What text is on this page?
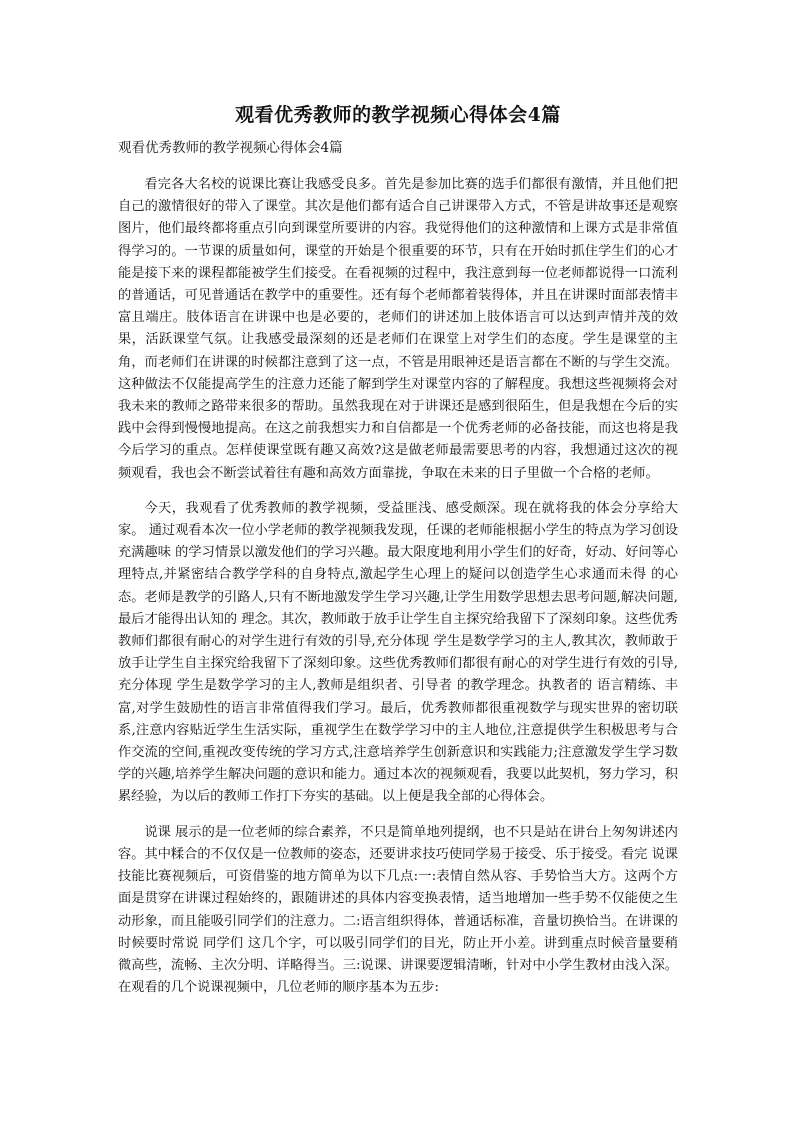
观看优秀教师的教学视频心得体会4篇

观看优秀教师的教学视频心得体会4篇

看完各大名校的说课比赛让我感受良多。首先是参加比赛的选手们都很有激情，并且他们把自己的激情很好的带入了课堂。其次是他们都有适合自己讲课带入方式，不管是讲故事还是观察图片，他们最终都将重点引向到课堂所要讲的内容。我觉得他们的这种激情和上课方式是非常值得学习的。一节课的质量如何，课堂的开始是个很重要的环节，只有在开始时抓住学生们的心才能是接下来的课程都能被学生们接受。在看视频的过程中，我注意到每一位老师都说得一口流利的普通话，可见普通话在教学中的重要性。还有每个老师都着装得体，并且在讲课时面部表情丰富且端庄。肢体语言在讲课中也是必要的，老师们的讲述加上肢体语言可以达到声情并茂的效果，活跃课堂气氛。让我感受最深刻的还是老师们在课堂上对学生们的态度。学生是课堂的主角，而老师们在讲课的时候都注意到了这一点，不管是用眼神还是语言都在不断的与学生交流。这种做法不仅能提高学生的注意力还能了解到学生对课堂内容的了解程度。我想这些视频将会对我未来的教师之路带来很多的帮助。虽然我现在对于讲课还是感到很陌生，但是我想在今后的实践中会得到慢慢地提高。在这之前我想实力和自信都是一个优秀老师的必备技能，而这也将是我今后学习的重点。怎样使课堂既有趣又高效?这是做老师最需要思考的内容，我想通过这次的视频观看，我也会不断尝试着往有趣和高效方面靠拢，争取在未来的日子里做一个合格的老师。

今天，我观看了优秀教师的教学视频，受益匪浅、感受颇深。现在就将我的体会分享给大家。 通过观看本次一位小学老师的教学视频我发现，任课的老师能根据小学生的特点为学习创设充满趣味 的学习情景以激发他们的学习兴趣。最大限度地利用小学生们的好奇，好动、好问等心理特点,并紧密结合教学学科的自身特点,激起学生心理上的疑问以创造学生心求通而未得 的心态。老师是教学的引路人,只有不断地激发学生学习兴趣,让学生用数学思想去思考问题,解决问题,最后才能得出认知的 理念。其次，教师敢于放手让学生自主探究给我留下了深刻印象。这些优秀教师们都很有耐心的对学生进行有效的引导,充分体现 学生是数学学习的主人,教其次，教师敢于放手让学生自主探究给我留下了深刻印象。这些优秀教师们都很有耐心的对学生进行有效的引导,充分体现 学生是数学学习的主人,教师是组织者、引导者 的教学理念。执教者的 语言精练、丰富,对学生鼓励性的语言非常值得我们学习。最后，优秀教师都很重视数学与现实世界的密切联系,注意内容贴近学生生活实际，重视学生在数学学习中的主人地位,注意提供学生积极思考与合作交流的空间,重视改变传统的学习方式,注意培养学生创新意识和实践能力;注意激发学生学习数学的兴趣,培养学生解决问题的意识和能力。通过本次的视频观看，我要以此契机，努力学习，积累经验，为以后的教师工作打下夯实的基础。以上便是我全部的心得体会。

说课 展示的是一位老师的综合素养，不只是简单地列提纲，也不只是站在讲台上匆匆讲述内容。其中糅合的不仅仅是一位教师的姿态，还要讲求技巧使同学易于接受、乐于接受。看完 说课 技能比赛视频后，可资借鉴的地方简单为以下几点:一:表情自然从容、手势恰当大方。这两个方面是贯穿在讲课过程始终的，跟随讲述的具体内容变换表情，适当地增加一些手势不仅能使之生动形象，而且能吸引同学们的注意力。二:语言组织得体，普通话标准，音量切换恰当。在讲课的时候要时常说 同学们 这几个字，可以吸引同学们的目光，防止开小差。讲到重点时候音量要稍微高些，流畅、主次分明、详略得当。三:说课、讲课要逻辑清晰，针对中小学生教材由浅入深。在观看的几个说课视频中，几位老师的顺序基本为五步:
